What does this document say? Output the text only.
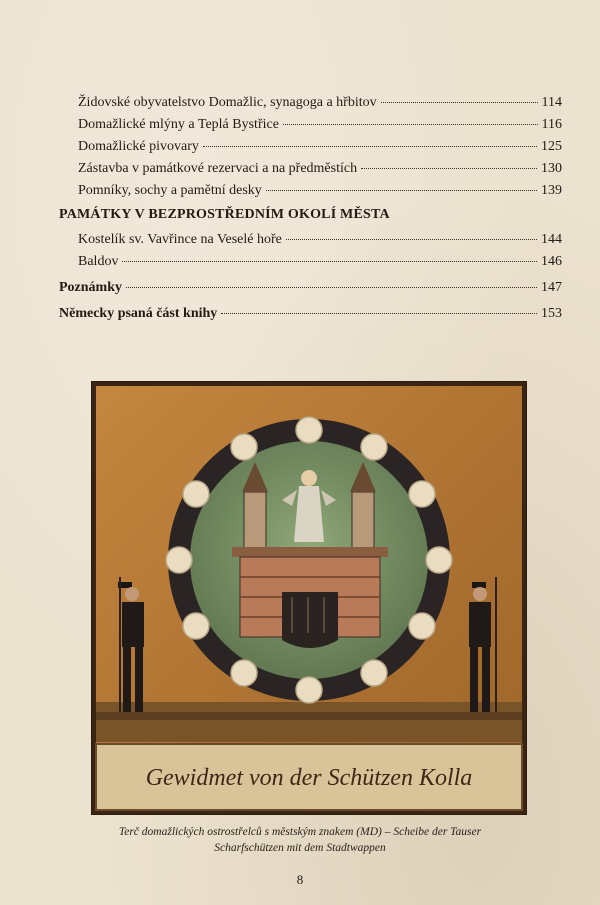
Židovské obyvatelstvo Domažlic, synagoga a hřbitov	114
Domažlické mlýny a Teplá Bystřice	116
Domažlické pivovary	125
Zástavba v památkové rezervaci a na předměstích	130
Pomníky, sochy a pamětní desky	139
PAMÁTKY V BEZPROSTŘEDNÍM OKOLÍ MĚSTA
Kostelík sv. Vavřince na Veselé hoře	144
Baldov	146
Poznámky	147
Německy psaná část knihy	153
Gewidmet von der Schützen Kolla
Terč domažlických ostrostřelců s městským znakem (MD) – Scheibe der Tauser
Scharfschützen mit dem Stadtwappen
8
